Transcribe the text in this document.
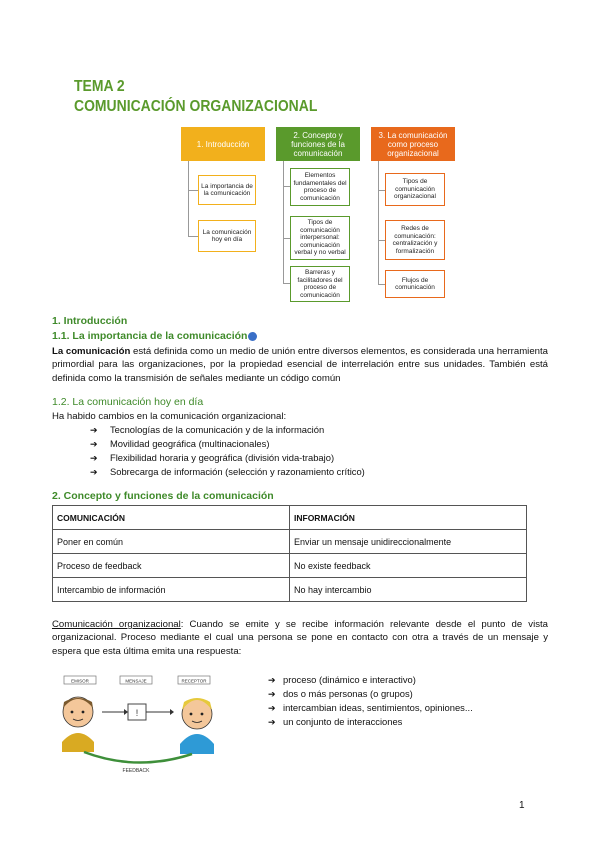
TEMA 2
COMUNICACIÓN ORGANIZACIONAL
1. Introducción
2. Concepto y funciones de la comunicación
3. La comunicación como proceso organizacional
La importancia de la comunicación
La comunicación hoy en día
Elementos fundamentales del proceso de comunicación
Tipos de comunicación interpersonal: comunicación verbal y no verbal
Barreras y facilitadores del proceso de comunicación
Tipos de comunicación organizacional
Redes de comunicación: centralización y formalización
Flujos de comunicación
1. Introducción
1.1. La importancia de la comunicación
La comunicación está definida como un medio de unión entre diversos elementos, es considerada una herramienta primordial para las organizaciones, por la propiedad esencial de interrelación entre sus unidades. También está definida como la transmisión de señales mediante un código común
1.2. La comunicación hoy en día
Ha habido cambios en la comunicación organizacional:
➔ Tecnologías de la comunicación y de la información
➔ Movilidad geográfica (multinacionales)
➔ Flexibilidad horaria y geográfica (división vida-trabajo)
➔ Sobrecarga de información (selección y razonamiento crítico)
2. Concepto y funciones de la comunicación
COMUNICACIÓN	INFORMACIÓN
Poner en común	Enviar un mensaje unidireccionalmente
Proceso de feedback	No existe feedback
Intercambio de información	No hay intercambio
Comunicación organizacional: Cuando se emite y se recibe información relevante desde el punto de vista organizacional. Proceso mediante el cual una persona se pone en contacto con otra a través de un mensaje y espera que esta última emita una respuesta:
EMISOR	MENSAJE	RECEPTOR
!
FEEDBACK
➔ proceso (dinámico e interactivo)
➔ dos o más personas (o grupos)
➔ intercambian ideas, sentimientos, opiniones...
➔ un conjunto de interacciones
1
